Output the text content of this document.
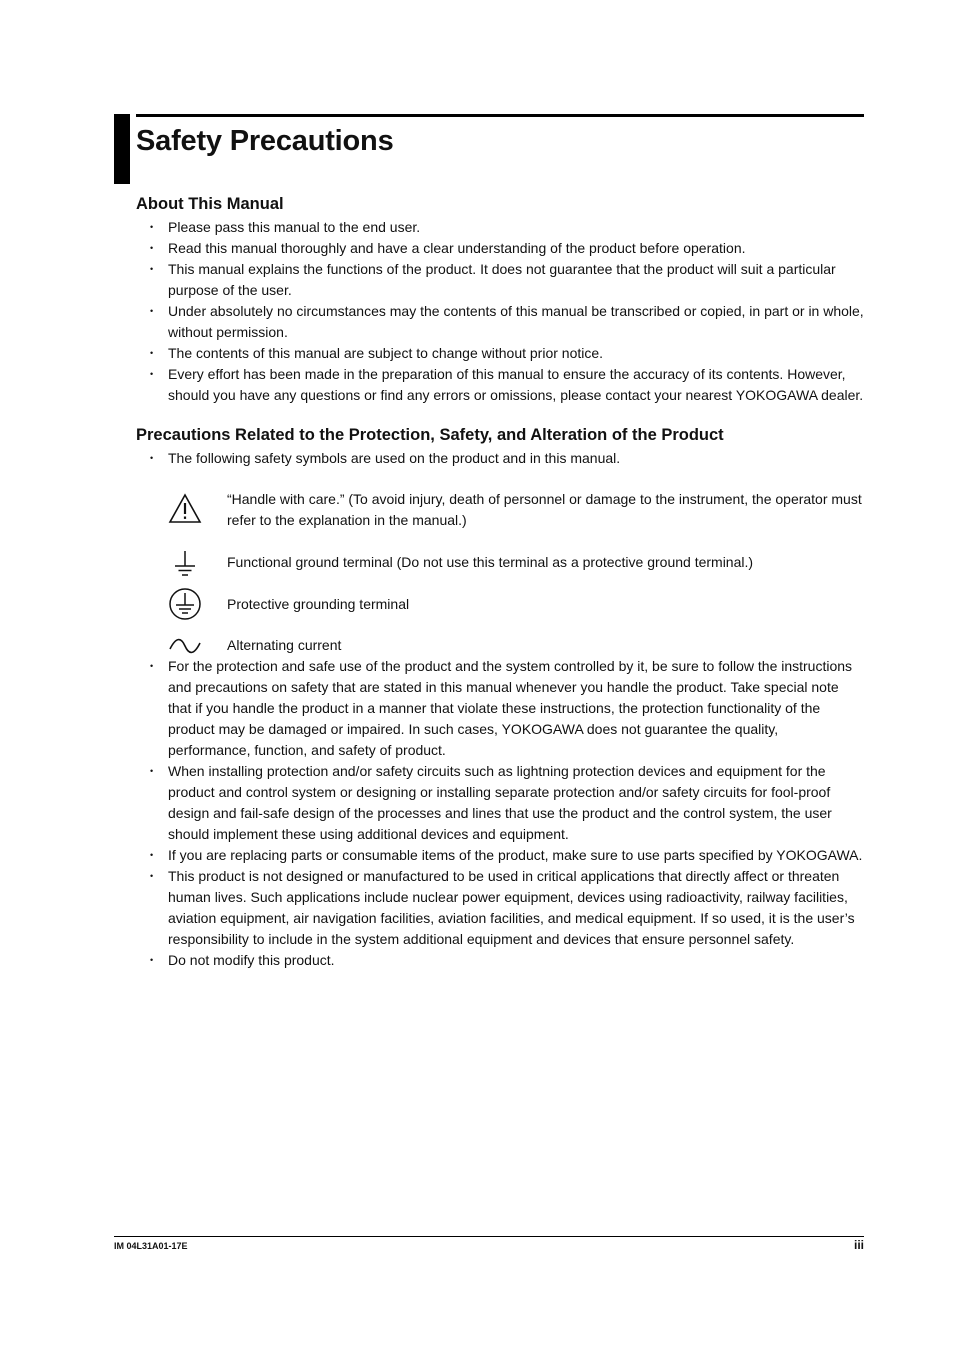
Safety Precautions
About This Manual
• Please pass this manual to the end user.
• Read this manual thoroughly and have a clear understanding of the product before operation.
• This manual explains the functions of the product. It does not guarantee that the product will suit a particular purpose of the user.
• Under absolutely no circumstances may the contents of this manual be transcribed or copied, in part or in whole, without permission.
• The contents of this manual are subject to change without prior notice.
• Every effort has been made in the preparation of this manual to ensure the accuracy of its contents. However, should you have any questions or find any errors or omissions, please contact your nearest YOKOGAWA dealer.
Precautions Related to the Protection, Safety, and Alteration of the Product
• The following safety symbols are used on the product and in this manual.
“Handle with care.” (To avoid injury, death of personnel or damage to the instrument, the operator must refer to the explanation in the manual.)
Functional ground terminal (Do not use this terminal as a protective ground terminal.)
Protective grounding terminal
Alternating current
• For the protection and safe use of the product and the system controlled by it, be sure to follow the instructions and precautions on safety that are stated in this manual whenever you handle the product. Take special note that if you handle the product in a manner that violate these instructions, the protection functionality of the product may be damaged or impaired. In such cases, YOKOGAWA does not guarantee the quality, performance, function, and safety of product.
• When installing protection and/or safety circuits such as lightning protection devices and equipment for the product and control system or designing or installing separate protection and/or safety circuits for fool-proof design and fail-safe design of the processes and lines that use the product and the control system, the user should implement these using additional devices and equipment.
• If you are replacing parts or consumable items of the product, make sure to use parts specified by YOKOGAWA.
• This product is not designed or manufactured to be used in critical applications that directly affect or threaten human lives. Such applications include nuclear power equipment, devices using radioactivity, railway facilities, aviation equipment, air navigation facilities, aviation facilities, and medical equipment. If so used, it is the user’s responsibility to include in the system additional equipment and devices that ensure personnel safety.
• Do not modify this product.
IM 04L31A01-17E	iii
